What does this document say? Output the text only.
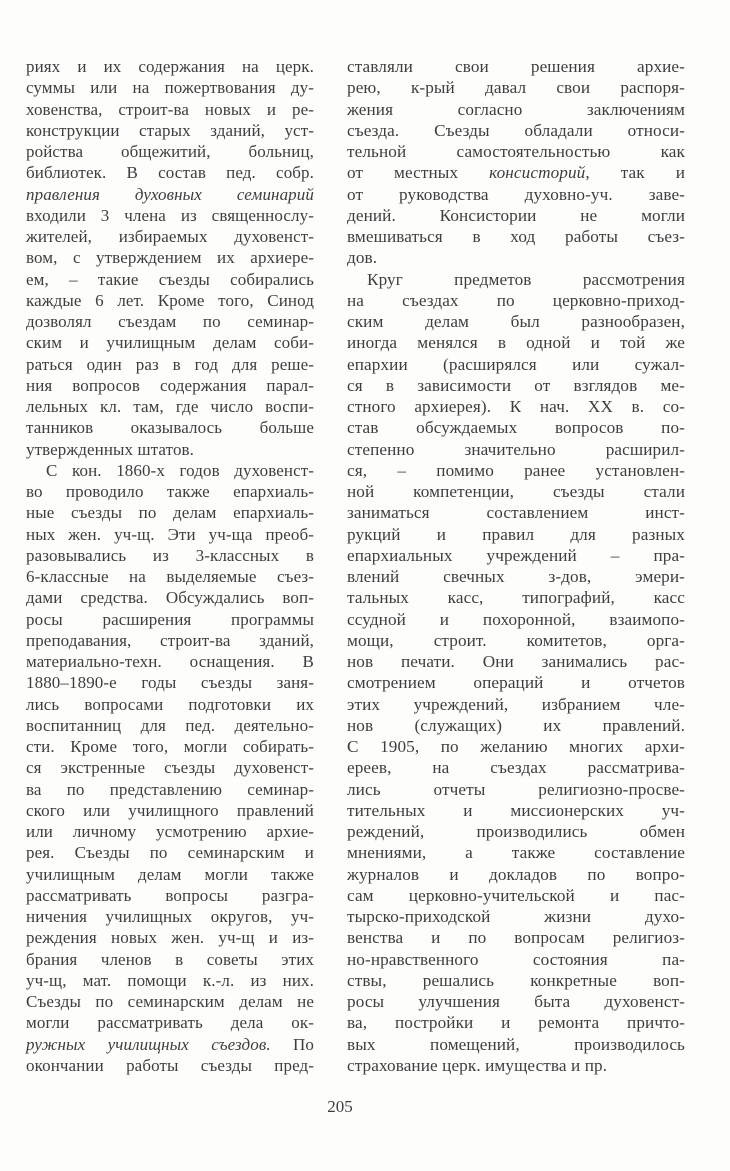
риях и их содержания на церк.
суммы или на пожертвования ду-
ховенства, строит-ва новых и ре-
конструкции старых зданий, уст-
ройства общежитий, больниц,
библиотек. В состав пед. собр.
правления духовных семинарий
входили 3 члена из священнослу-
жителей, избираемых духовенст-
вом, с утверждением их архиере-
ем, – такие съезды собирались
каждые 6 лет. Кроме того, Синод
дозволял съездам по семинар-
ским и училищным делам соби-
раться один раз в год для реше-
ния вопросов содержания парал-
лельных кл. там, где число воспи-
танников оказывалось больше
утвержденных штатов.
С кон. 1860-х годов духовенст-
во проводило также епархиаль-
ные съезды по делам епархиаль-
ных жен. уч-щ. Эти уч-ща преоб-
разовывались из 3-классных в
6-классные на выделяемые съез-
дами средства. Обсуждались воп-
росы расширения программы
преподавания, строит-ва зданий,
материально-техн. оснащения. В
1880–1890-е годы съезды заня-
лись вопросами подготовки их
воспитанниц для пед. деятельно-
сти. Кроме того, могли собирать-
ся экстренные съезды духовенст-
ва по представлению семинар-
ского или училищного правлений
или личному усмотрению архие-
рея. Съезды по семинарским и
училищным делам могли также
рассматривать вопросы разгра-
ничения училищных округов, уч-
реждения новых жен. уч-щ и из-
брания членов в советы этих
уч-щ, мат. помощи к.-л. из них.
Съезды по семинарским делам не
могли рассматривать дела ок-
ружных училищных съездов. По
окончании работы съезды пред-
ставляли свои решения архие-
рею, к-рый давал свои распоря-
жения согласно заключениям
съезда. Съезды обладали относи-
тельной самостоятельностью как
от местных консисторий, так и
от руководства духовно-уч. заве-
дений. Консистории не могли
вмешиваться в ход работы съез-
дов.
Круг предметов рассмотрения
на съездах по церковно-приход-
ским делам был разнообразен,
иногда менялся в одной и той же
епархии (расширялся или сужал-
ся в зависимости от взглядов ме-
стного архиерея). К нач. XX в. со-
став обсуждаемых вопросов по-
степенно значительно расширил-
ся, – помимо ранее установлен-
ной компетенции, съезды стали
заниматься составлением инст-
рукций и правил для разных
епархиальных учреждений – пра-
влений свечных з-дов, эмери-
тальных касс, типографий, касс
ссудной и похоронной, взаимопо-
мощи, строит. комитетов, орга-
нов печати. Они занимались рас-
смотрением операций и отчетов
этих учреждений, избранием чле-
нов (служащих) их правлений.
С 1905, по желанию многих архи-
ереев, на съездах рассматрива-
лись отчеты религиозно-просве-
тительных и миссионерских уч-
реждений, производились обмен
мнениями, а также составление
журналов и докладов по вопро-
сам церковно-учительской и пас-
тырско-приходской жизни духо-
венства и по вопросам религиоз-
но-нравственного состояния па-
ствы, решались конкретные воп-
росы улучшения быта духовенст-
ва, постройки и ремонта причто-
вых помещений, производилось
страхование церк. имущества и пр.
205
